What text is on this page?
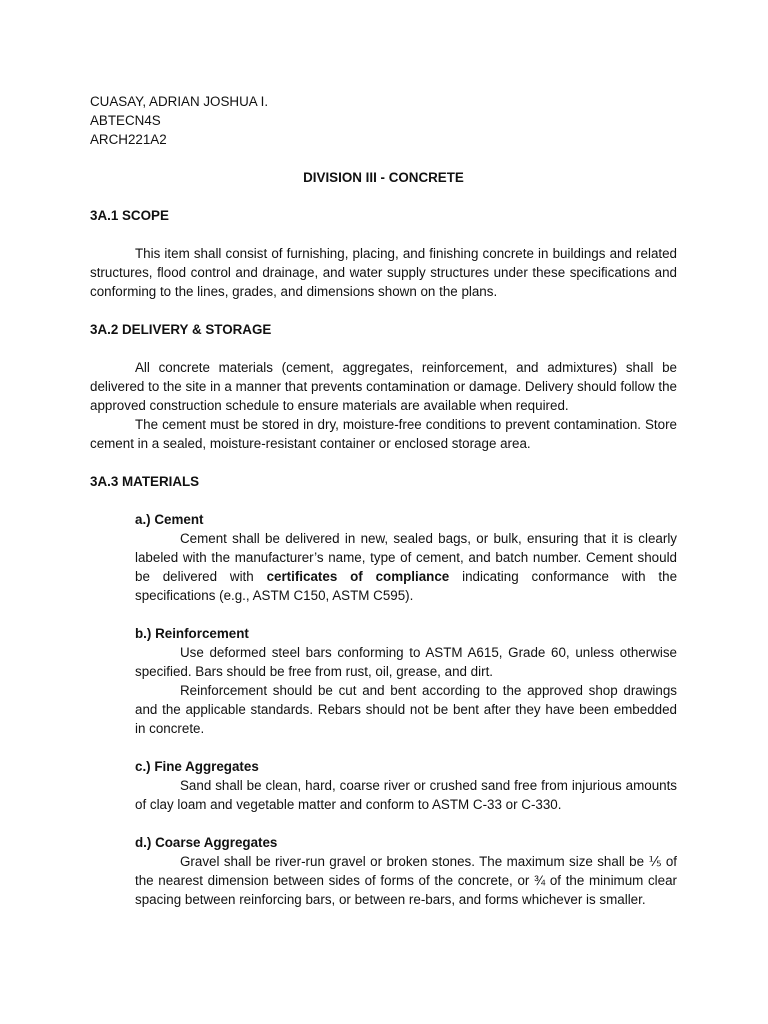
CUASAY, ADRIAN JOSHUA I.

ABTECN4S

ARCH221A2

DIVISION III - CONCRETE

3A.1 SCOPE

This item shall consist of furnishing, placing, and finishing concrete in buildings and related structures, flood control and drainage, and water supply structures under these specifications and conforming to the lines, grades, and dimensions shown on the plans.

3A.2 DELIVERY & STORAGE

All concrete materials (cement, aggregates, reinforcement, and admixtures) shall be delivered to the site in a manner that prevents contamination or damage. Delivery should follow the approved construction schedule to ensure materials are available when required.

The cement must be stored in dry, moisture-free conditions to prevent contamination. Store cement in a sealed, moisture-resistant container or enclosed storage area.

3A.3 MATERIALS

a.) Cement

Cement shall be delivered in new, sealed bags, or bulk, ensuring that it is clearly labeled with the manufacturer’s name, type of cement, and batch number. Cement should be delivered with certificates of compliance indicating conformance with the specifications (e.g., ASTM C150, ASTM C595).

b.) Reinforcement

Use deformed steel bars conforming to ASTM A615, Grade 60, unless otherwise specified. Bars should be free from rust, oil, grease, and dirt.

Reinforcement should be cut and bent according to the approved shop drawings and the applicable standards. Rebars should not be bent after they have been embedded in concrete.

c.) Fine Aggregates

Sand shall be clean, hard, coarse river or crushed sand free from injurious amounts of clay loam and vegetable matter and conform to ASTM C-33 or C-330.

d.) Coarse Aggregates

Gravel shall be river-run gravel or broken stones. The maximum size shall be ⅕ of the nearest dimension between sides of forms of the concrete, or ¾ of the minimum clear spacing between reinforcing bars, or between re-bars, and forms whichever is smaller.
